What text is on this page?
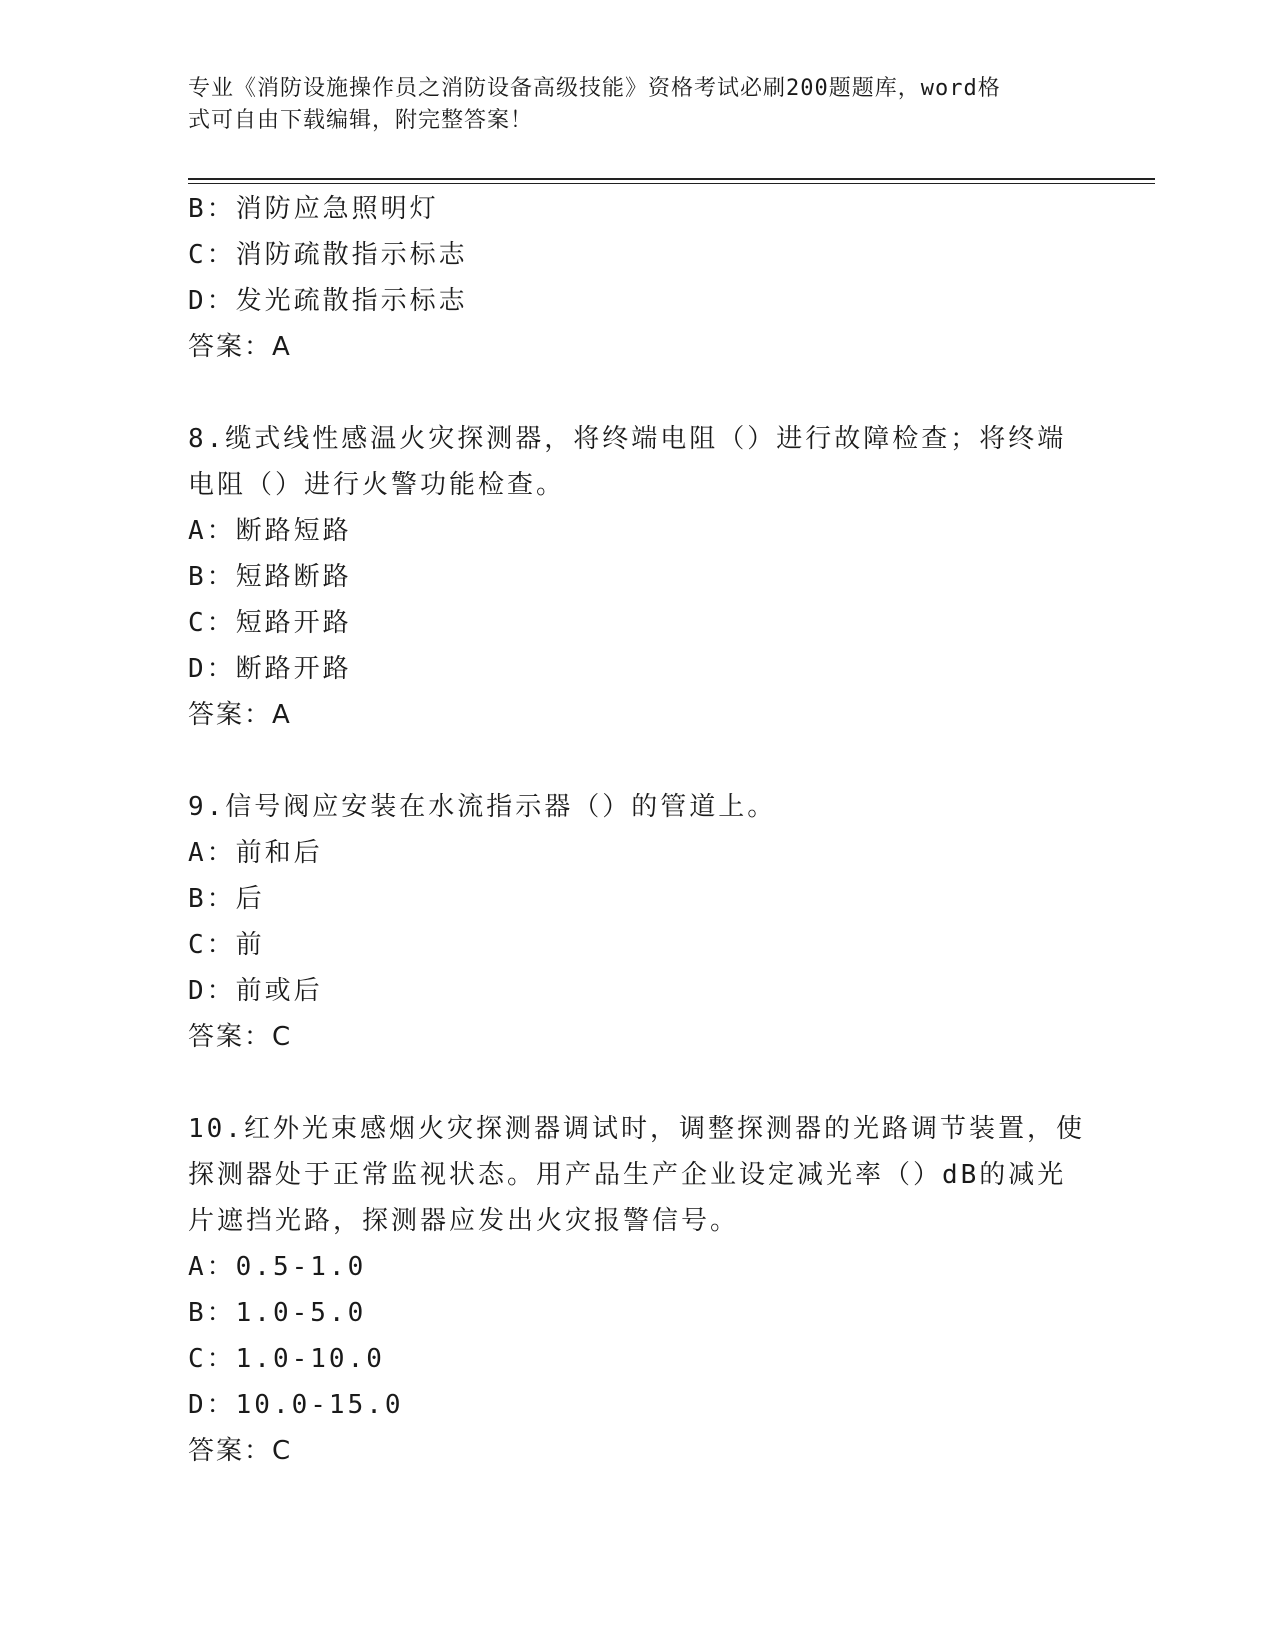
专业《消防设施操作员之消防设备高级技能》资格考试必刷200题题库，word格
式可自由下载编辑，附完整答案！
B：消防应急照明灯
C：消防疏散指示标志
D：发光疏散指示标志
答案：A
8.缆式线性感温火灾探测器，将终端电阻（）进行故障检查；将终端
电阻（）进行火警功能检查。
A：断路短路
B：短路断路
C：短路开路
D：断路开路
答案：A
9.信号阀应安装在水流指示器（）的管道上。
A：前和后
B：后
C：前
D：前或后
答案：C
10.红外光束感烟火灾探测器调试时，调整探测器的光路调节装置，使
探测器处于正常监视状态。用产品生产企业设定减光率（）dB的减光
片遮挡光路，探测器应发出火灾报警信号。
A：0.5-1.0
B：1.0-5.0
C：1.0-10.0
D：10.0-15.0
答案：C
